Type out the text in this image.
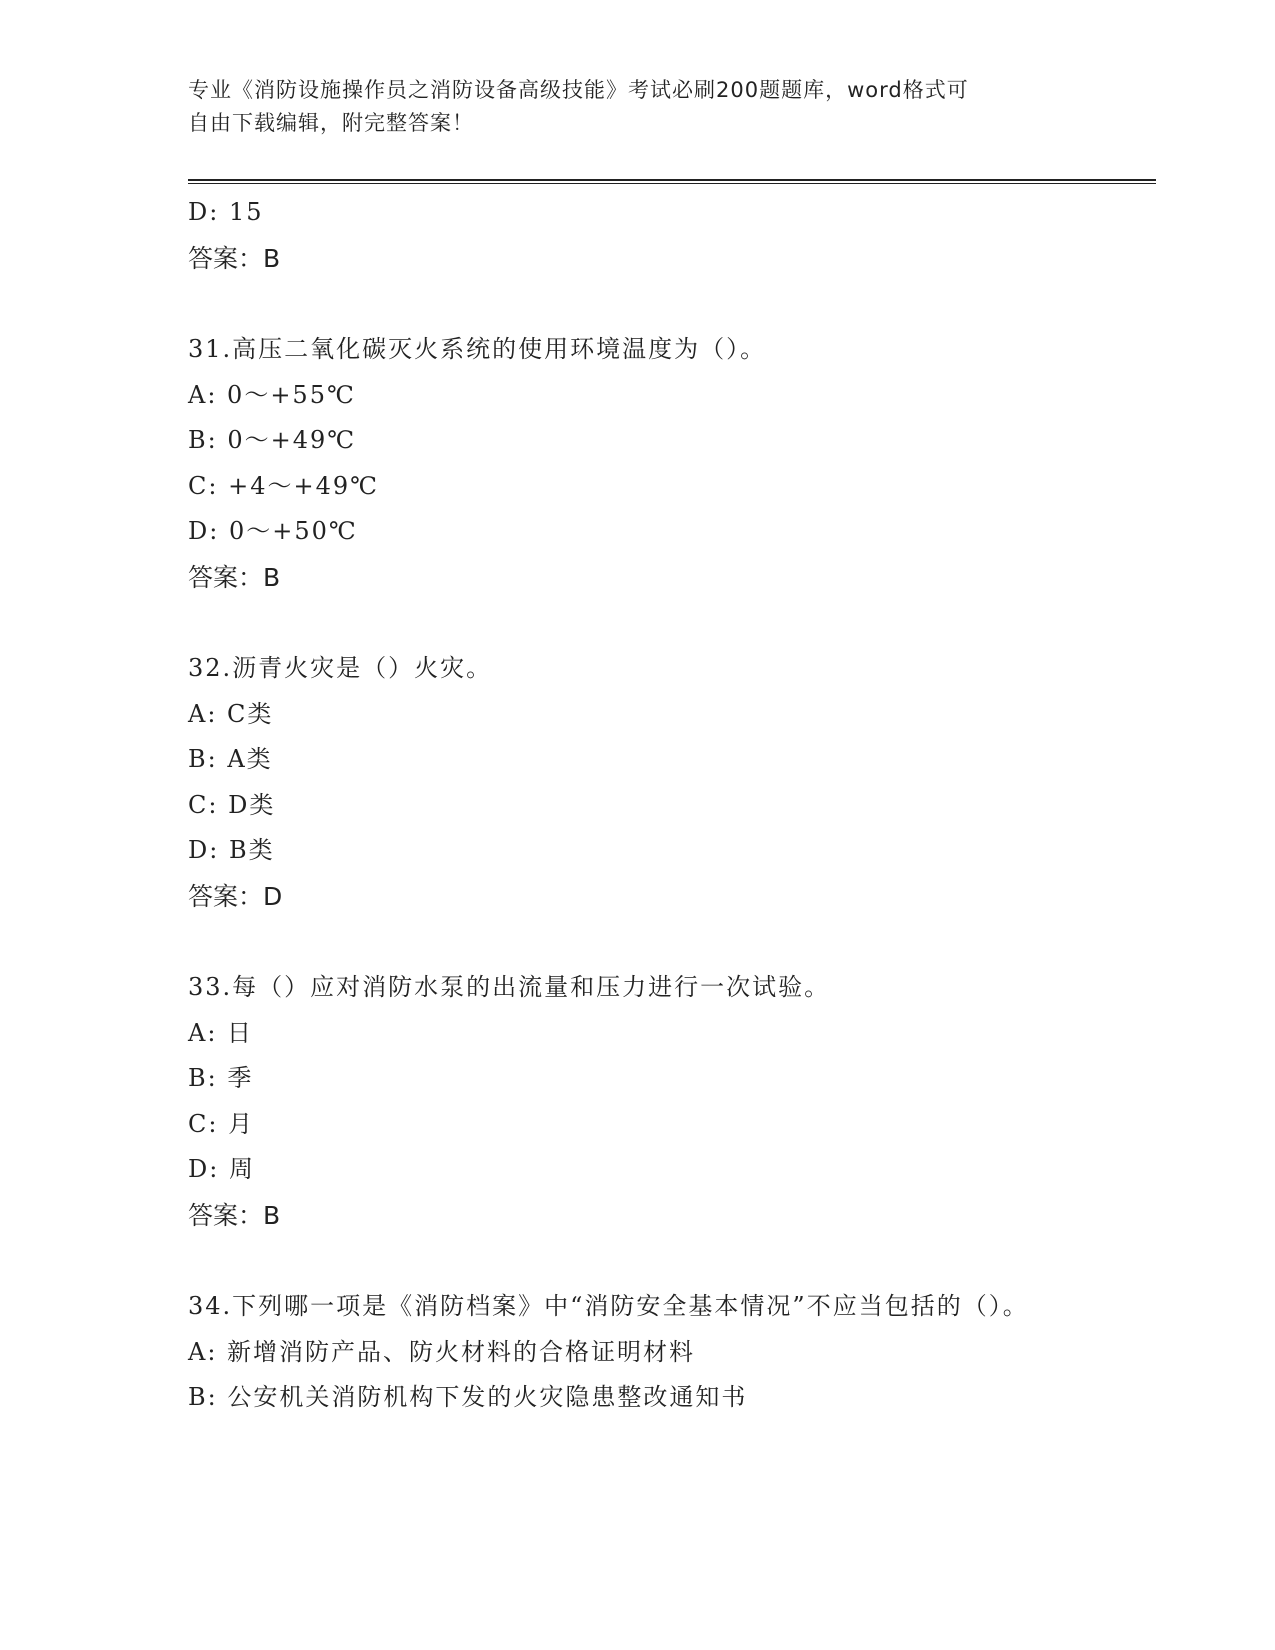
专业《消防设施操作员之消防设备高级技能》考试必刷200题题库，word格式可
自由下载编辑，附完整答案！
D: 15
答案：B
31.高压二氧化碳灭火系统的使用环境温度为（）。
A: 0～+55℃
B: 0～+49℃
C: +4～+49℃
D: 0～+50℃
答案：B
32.沥青火灾是（）火灾。
A: C类
B: A类
C: D类
D: B类
答案：D
33.每（）应对消防水泵的出流量和压力进行一次试验。
A: 日
B: 季
C: 月
D: 周
答案：B
34.下列哪一项是《消防档案》中“消防安全基本情况”不应当包括的（）。
A: 新增消防产品、防火材料的合格证明材料
B: 公安机关消防机构下发的火灾隐患整改通知书
